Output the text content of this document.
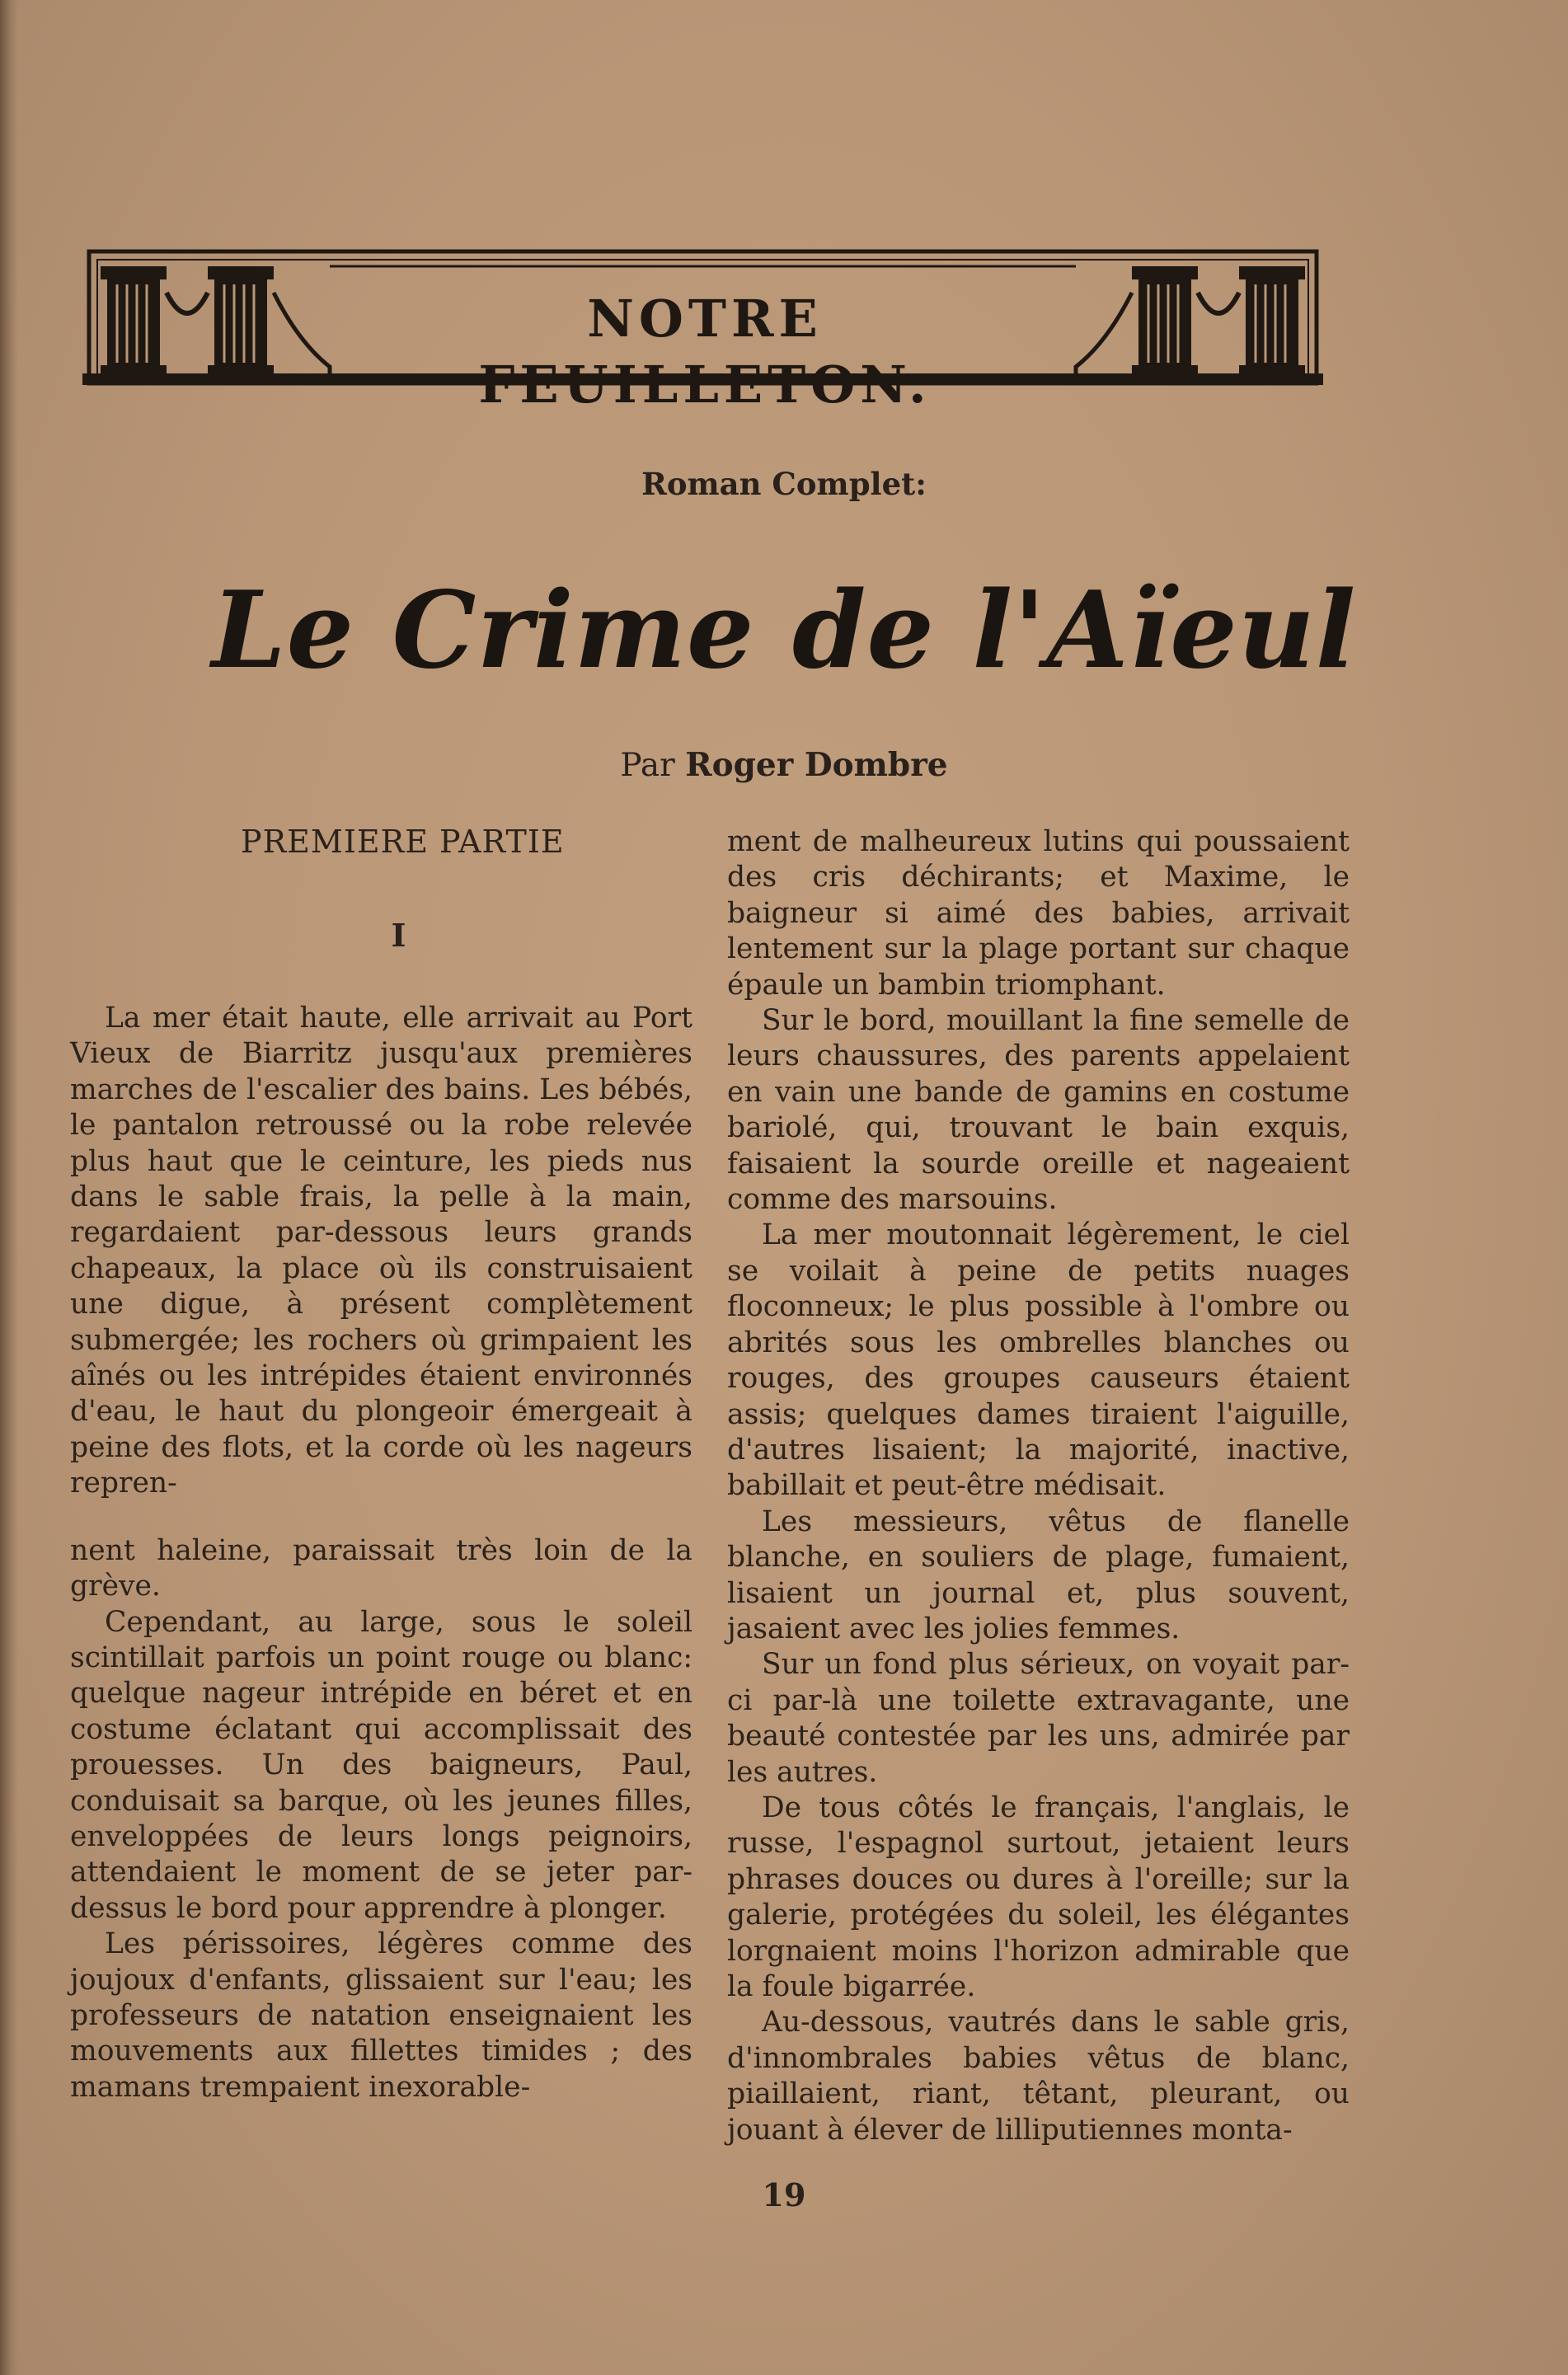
NOTRE FEUILLETON.
Roman Complet:
Le Crime de l'Aïeul
Par Roger Dombre

PREMIERE PARTIE

I

La mer était haute, elle arrivait au Port Vieux de Biarritz jusqu'aux premières marches de l'escalier des bains. Les bébés, le pantalon retroussé ou la robe relevée plus haut que le ceinture, les pieds nus dans le sable frais, la pelle à la main, regardaient par-dessous leurs grands chapeaux, la place où ils construisaient une digue, à présent complètement submergée; les rochers où grimpaient les aînés ou les intrépides étaient environnés d'eau, le haut du plongeoir émergeait à peine des flots, et la corde où les nageurs repren-

nent haleine, paraissait très loin de la grève.

Cependant, au large, sous le soleil scintillait parfois un point rouge ou blanc: quelque nageur intrépide en béret et en costume éclatant qui accomplissait des prouesses. Un des baigneurs, Paul, conduisait sa barque, où les jeunes filles, enveloppées de leurs longs peignoirs, attendaient le moment de se jeter par-dessus le bord pour apprendre à plonger.

Les périssoires, légères comme des joujoux d'enfants, glissaient sur l'eau; les professeurs de natation enseignaient les mouvements aux fillettes timides ; des mamans trempaient inexorable-

ment de malheureux lutins qui poussaient des cris déchirants; et Maxime, le baigneur si aimé des babies, arrivait lentement sur la plage portant sur chaque épaule un bambin triomphant.

Sur le bord, mouillant la fine semelle de leurs chaussures, des parents appelaient en vain une bande de gamins en costume bariolé, qui, trouvant le bain exquis, faisaient la sourde oreille et nageaient comme des marsouins.

La mer moutonnait légèrement, le ciel se voilait à peine de petits nuages floconneux; le plus possible à l'ombre ou abrités sous les ombrelles blanches ou rouges, des groupes causeurs étaient assis; quelques dames tiraient l'aiguille, d'autres lisaient; la majorité, inactive, babillait et peut-être médisait.

Les messieurs, vêtus de flanelle blanche, en souliers de plage, fumaient, lisaient un journal et, plus souvent, jasaient avec les jolies femmes.

Sur un fond plus sérieux, on voyait par-ci par-là une toilette extravagante, une beauté contestée par les uns, admirée par les autres.

De tous côtés le français, l'anglais, le russe, l'espagnol surtout, jetaient leurs phrases douces ou dures à l'oreille; sur la galerie, protégées du soleil, les élégantes lorgnaient moins l'horizon admirable que la foule bigarrée.

Au-dessous, vautrés dans le sable gris, d'innombrales babies vêtus de blanc, piaillaient, riant, têtant, pleurant, ou jouant à élever de lilliputiennes monta-

19
